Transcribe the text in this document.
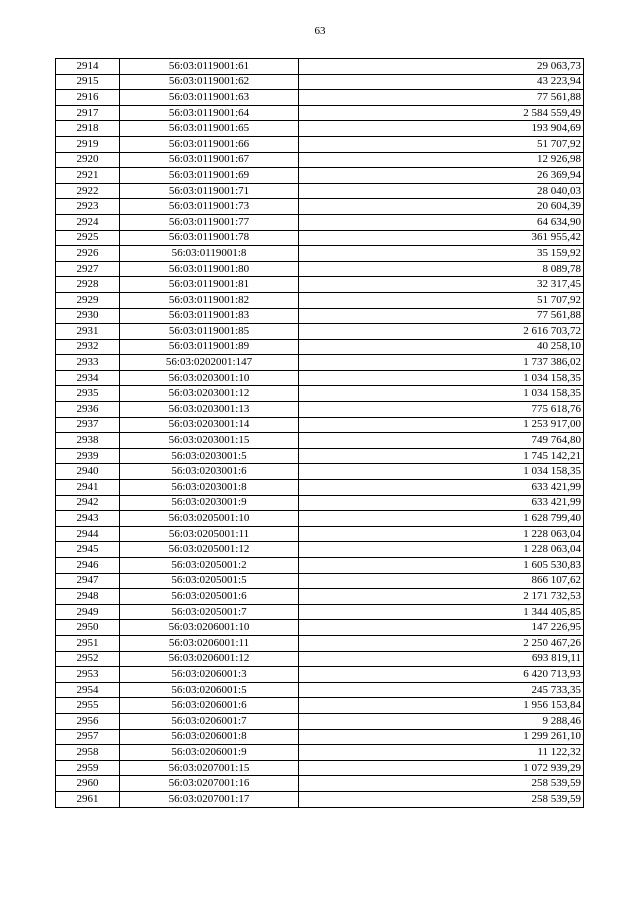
63
2914	56:03:0119001:61	29 063,73
2915	56:03:0119001:62	43 223,94
2916	56:03:0119001:63	77 561,88
2917	56:03:0119001:64	2 584 559,49
2918	56:03:0119001:65	193 904,69
2919	56:03:0119001:66	51 707,92
2920	56:03:0119001:67	12 926,98
2921	56:03:0119001:69	26 369,94
2922	56:03:0119001:71	28 040,03
2923	56:03:0119001:73	20 604,39
2924	56:03:0119001:77	64 634,90
2925	56:03:0119001:78	361 955,42
2926	56:03:0119001:8	35 159,92
2927	56:03:0119001:80	8 089,78
2928	56:03:0119001:81	32 317,45
2929	56:03:0119001:82	51 707,92
2930	56:03:0119001:83	77 561,88
2931	56:03:0119001:85	2 616 703,72
2932	56:03:0119001:89	40 258,10
2933	56:03:0202001:147	1 737 386,02
2934	56:03:0203001:10	1 034 158,35
2935	56:03:0203001:12	1 034 158,35
2936	56:03:0203001:13	775 618,76
2937	56:03:0203001:14	1 253 917,00
2938	56:03:0203001:15	749 764,80
2939	56:03:0203001:5	1 745 142,21
2940	56:03:0203001:6	1 034 158,35
2941	56:03:0203001:8	633 421,99
2942	56:03:0203001:9	633 421,99
2943	56:03:0205001:10	1 628 799,40
2944	56:03:0205001:11	1 228 063,04
2945	56:03:0205001:12	1 228 063,04
2946	56:03:0205001:2	1 605 530,83
2947	56:03:0205001:5	866 107,62
2948	56:03:0205001:6	2 171 732,53
2949	56:03:0205001:7	1 344 405,85
2950	56:03:0206001:10	147 226,95
2951	56:03:0206001:11	2 250 467,26
2952	56:03:0206001:12	693 819,11
2953	56:03:0206001:3	6 420 713,93
2954	56:03:0206001:5	245 733,35
2955	56:03:0206001:6	1 956 153,84
2956	56:03:0206001:7	9 288,46
2957	56:03:0206001:8	1 299 261,10
2958	56:03:0206001:9	11 122,32
2959	56:03:0207001:15	1 072 939,29
2960	56:03:0207001:16	258 539,59
2961	56:03:0207001:17	258 539,59
